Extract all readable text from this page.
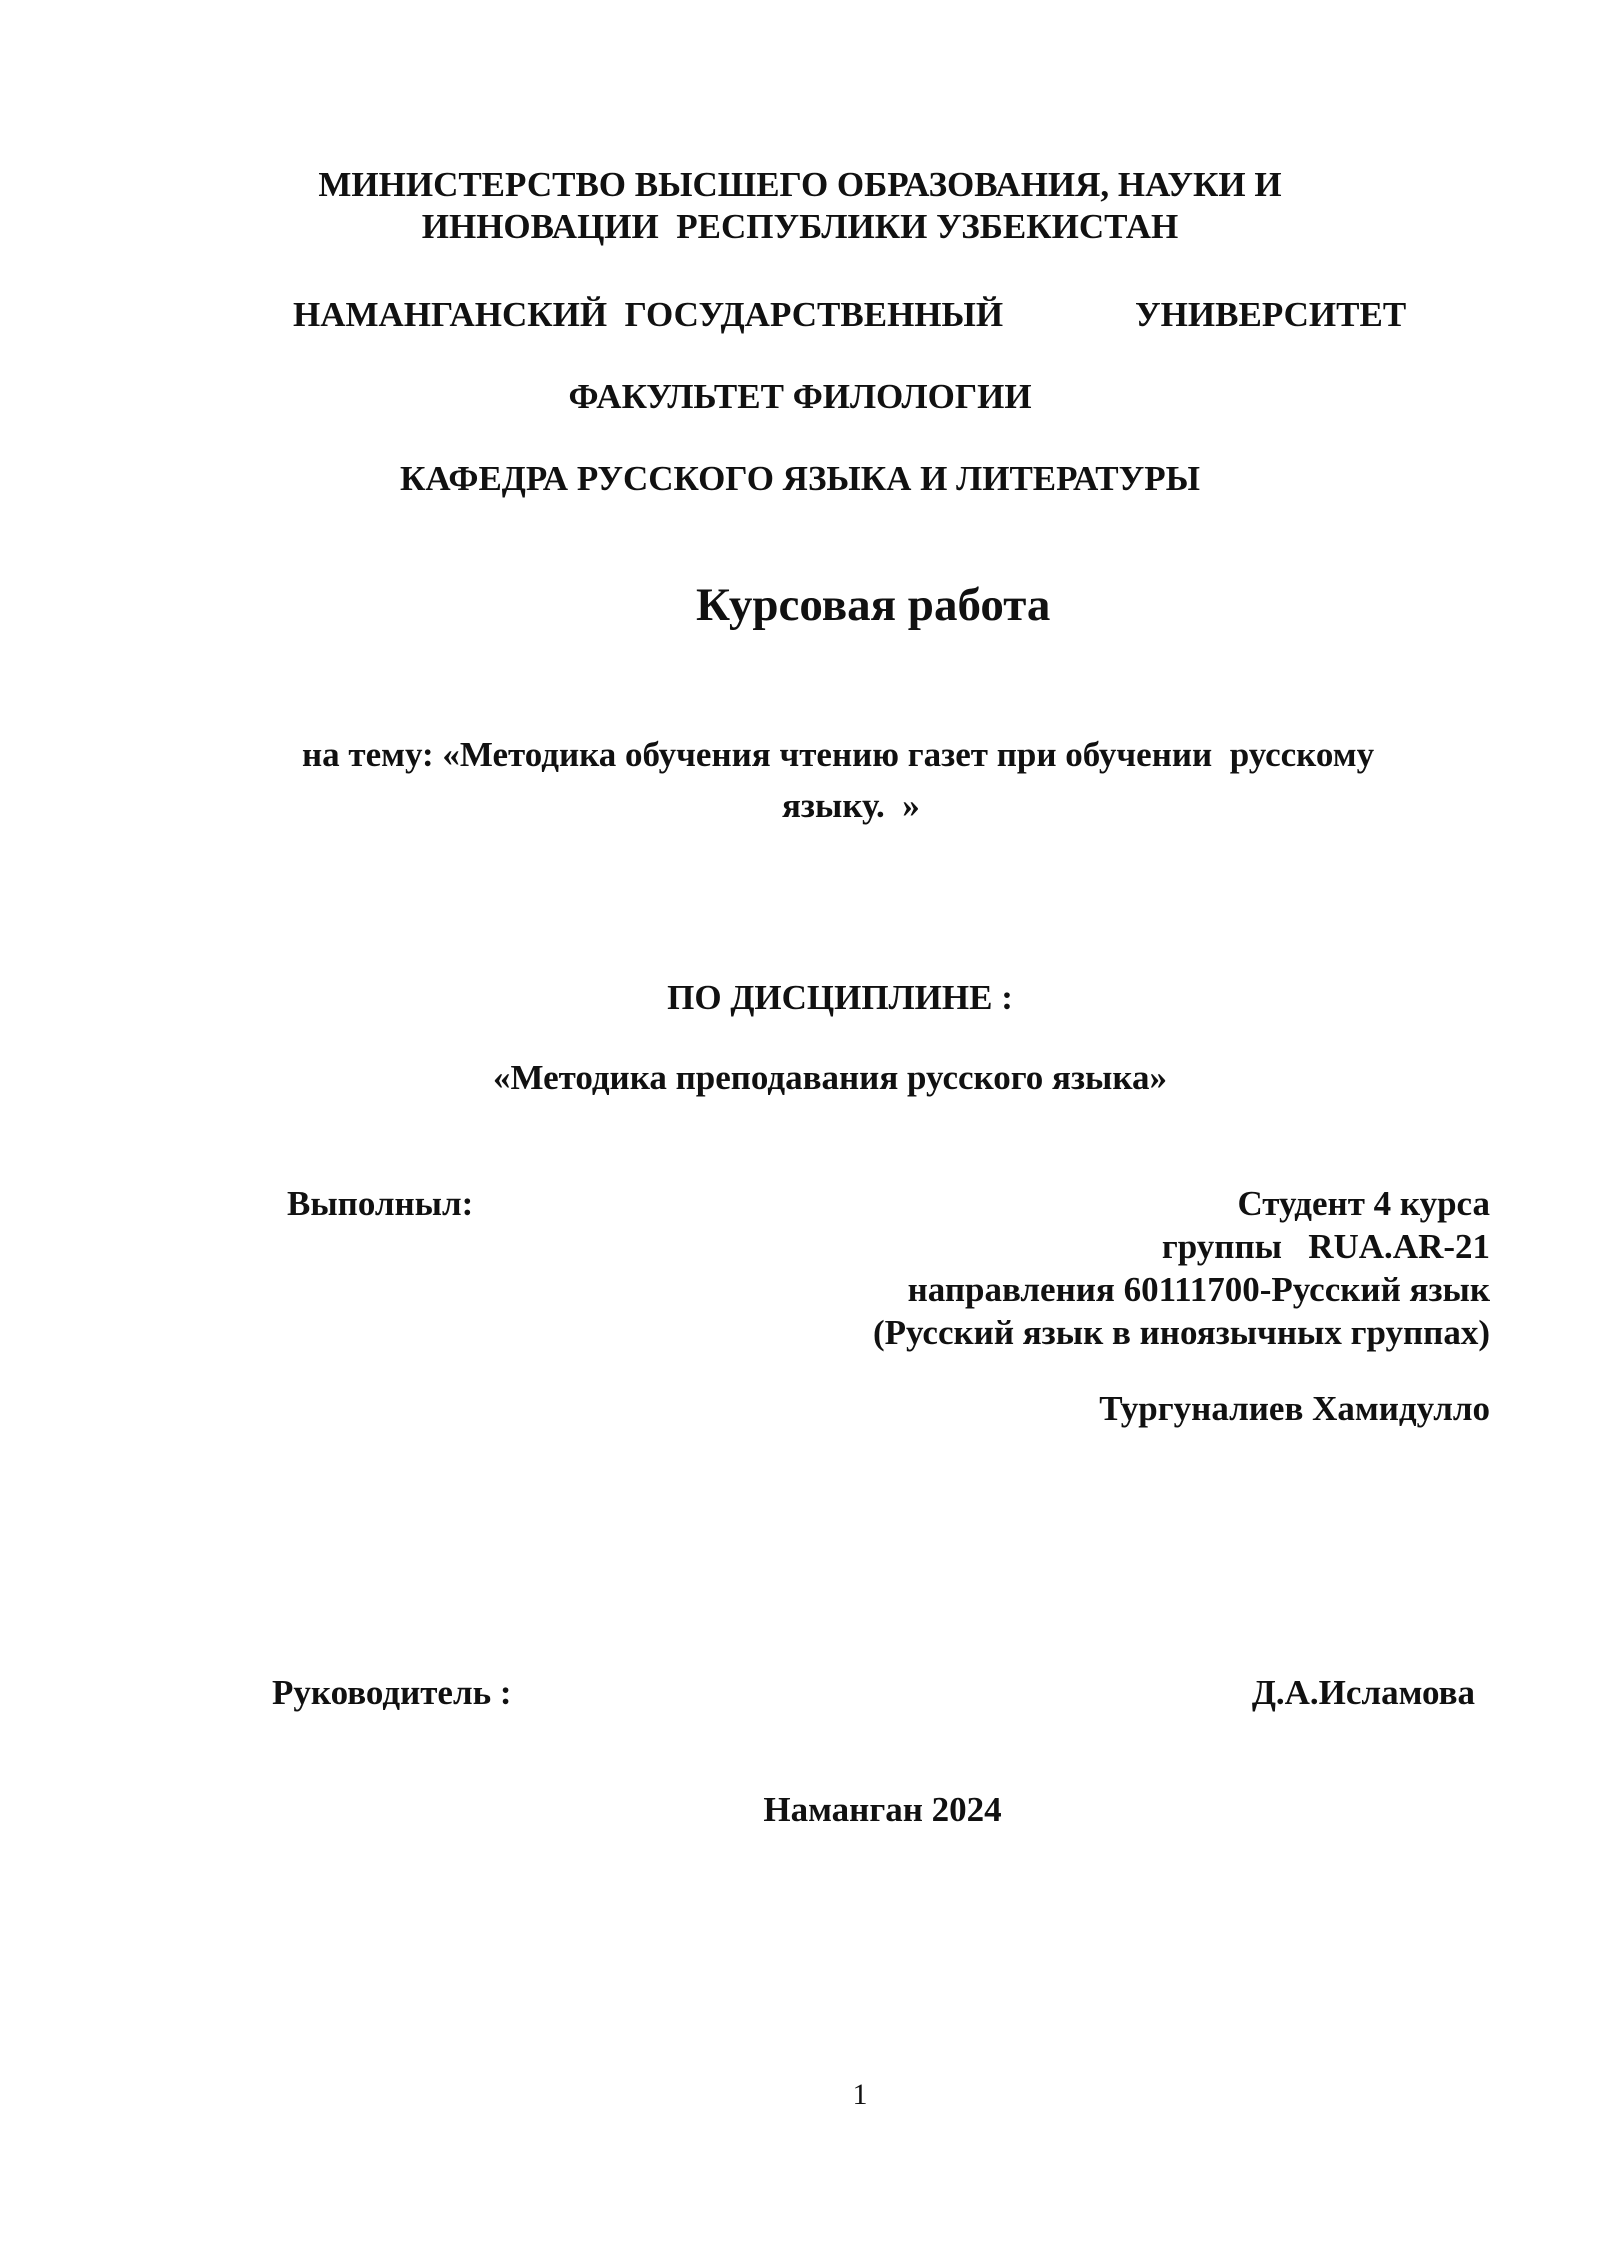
МИНИСТЕРСТВО ВЫСШЕГО ОБРАЗОВАНИЯ, НАУКИ И
ИННОВАЦИИ  РЕСПУБЛИКИ УЗБЕКИСТАН
НАМАНГАНСКИЙ  ГОСУДАРСТВЕННЫЙ	УНИВЕРСИТЕТ
ФАКУЛЬТЕТ ФИЛОЛОГИИ
КАФЕДРА РУССКОГО ЯЗЫКА И ЛИТЕРАТУРЫ
Курсовая работа
на тему: «Методика обучения чтению газет при обучении  русскому
языку.  »
ПО ДИСЦИПЛИНЕ :
«Методика преподавания русского языка»
Выполныл:	Студент 4 курса
группы   RUA.AR-21
направления 60111700-Русский язык
(Русский язык в иноязычных группах)
Тургуналиев Хамидулло
Руководитель :	Д.А.Исламова
Наманган 2024
1
